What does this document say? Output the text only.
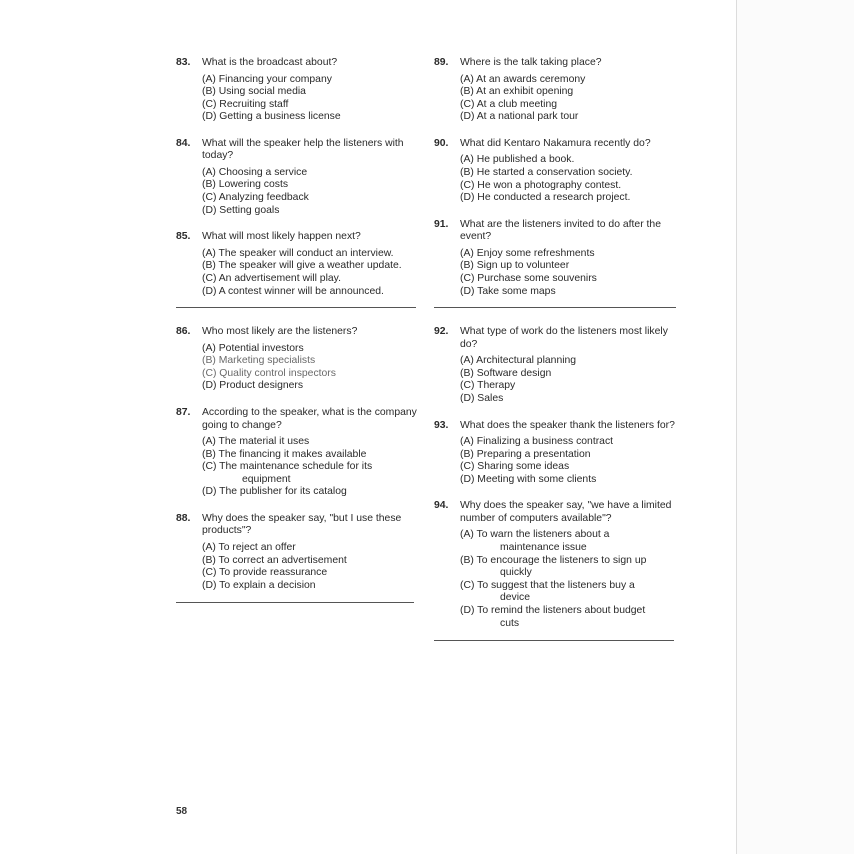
83. What is the broadcast about?
(A) Financing your company
(B) Using social media
(C) Recruiting staff
(D) Getting a business license
84. What will the speaker help the listeners with today?
(A) Choosing a service
(B) Lowering costs
(C) Analyzing feedback
(D) Setting goals
85. What will most likely happen next?
(A) The speaker will conduct an interview.
(B) The speaker will give a weather update.
(C) An advertisement will play.
(D) A contest winner will be announced.
86. Who most likely are the listeners?
(A) Potential investors
(B) Marketing specialists
(C) Quality control inspectors
(D) Product designers
87. According to the speaker, what is the company going to change?
(A) The material it uses
(B) The financing it makes available
(C) The maintenance schedule for its
equipment
(D) The publisher for its catalog
88. Why does the speaker say, "but I use these products"?
(A) To reject an offer
(B) To correct an advertisement
(C) To provide reassurance
(D) To explain a decision
89. Where is the talk taking place?
(A) At an awards ceremony
(B) At an exhibit opening
(C) At a club meeting
(D) At a national park tour
90. What did Kentaro Nakamura recently do?
(A) He published a book.
(B) He started a conservation society.
(C) He won a photography contest.
(D) He conducted a research project.
91. What are the listeners invited to do after the event?
(A) Enjoy some refreshments
(B) Sign up to volunteer
(C) Purchase some souvenirs
(D) Take some maps
92. What type of work do the listeners most likely do?
(A) Architectural planning
(B) Software design
(C) Therapy
(D) Sales
93. What does the speaker thank the listeners for?
(A) Finalizing a business contract
(B) Preparing a presentation
(C) Sharing some ideas
(D) Meeting with some clients
94. Why does the speaker say, "we have a limited number of computers available"?
(A) To warn the listeners about a
maintenance issue
(B) To encourage the listeners to sign up
quickly
(C) To suggest that the listeners buy a
device
(D) To remind the listeners about budget
cuts
58
